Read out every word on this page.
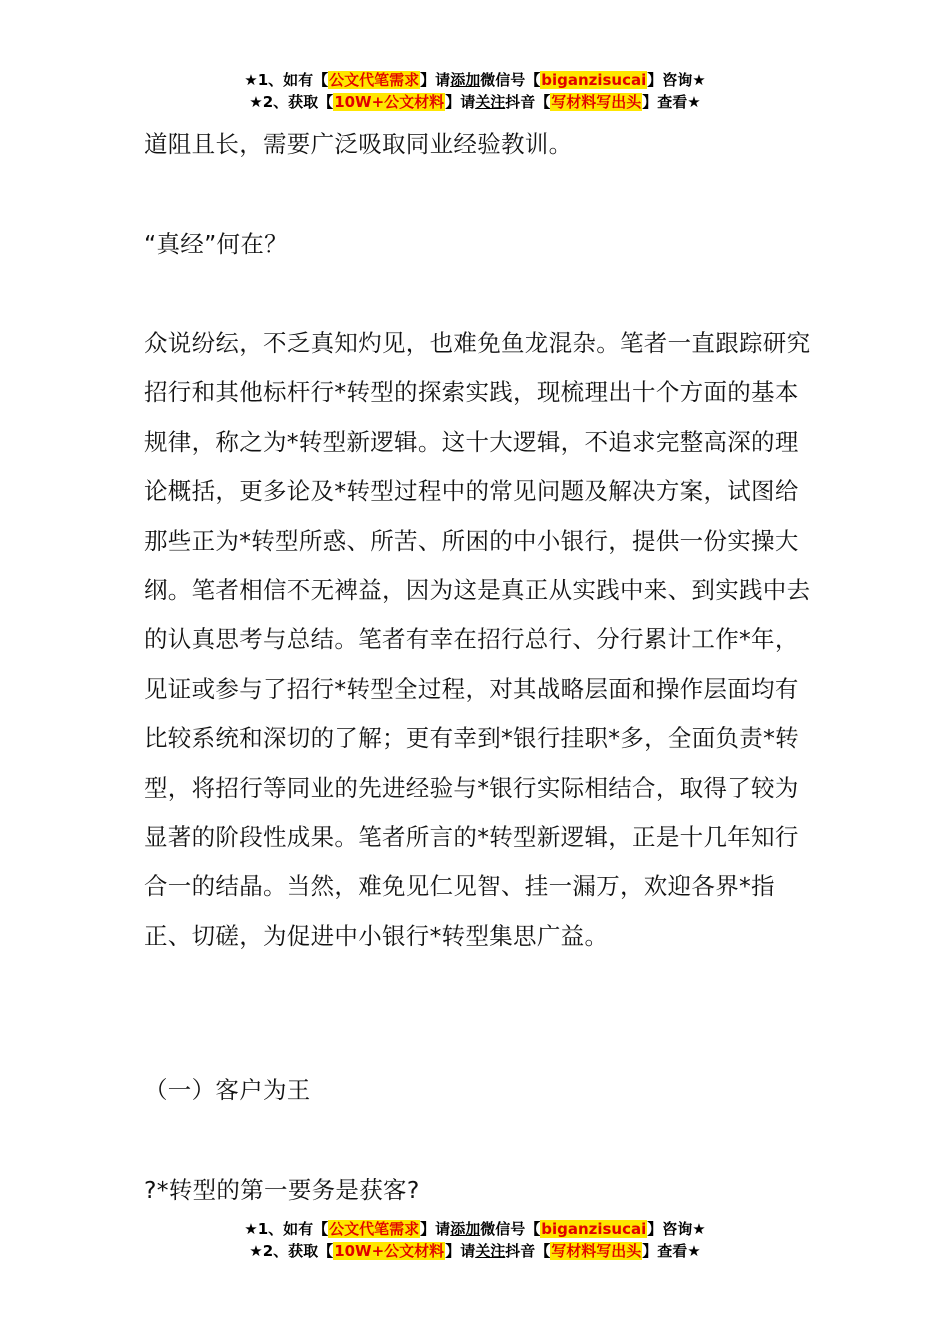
★1、如有【公文代笔需求】请添加微信号【biganzisucai】咨询★
★2、获取【10W+公文材料】请关注抖音【写材料写出头】查看★

道阻且长，需要广泛吸取同业经验教训。

“真经”何在？

众说纷纭，不乏真知灼见，也难免鱼龙混杂。笔者一直跟踪研究招行和其他标杆行*转型的探索实践，现梳理出十个方面的基本规律，称之为*转型新逻辑。这十大逻辑，不追求完整高深的理论概括，更多论及*转型过程中的常见问题及解决方案，试图给那些正为*转型所惑、所苦、所困的中小银行，提供一份实操大纲。笔者相信不无裨益，因为这是真正从实践中来、到实践中去的认真思考与总结。笔者有幸在招行总行、分行累计工作*年，见证或参与了招行*转型全过程，对其战略层面和操作层面均有比较系统和深切的了解；更有幸到*银行挂职*多，全面负责*转型，将招行等同业的先进经验与*银行实际相结合，取得了较为显著的阶段性成果。笔者所言的*转型新逻辑，正是十几年知行合一的结晶。当然，难免见仁见智、挂一漏万，欢迎各界*指正、切磋，为促进中小银行*转型集思广益。

（一）客户为王

?*转型的第一要务是获客?

★1、如有【公文代笔需求】请添加微信号【biganzisucai】咨询★
★2、获取【10W+公文材料】请关注抖音【写材料写出头】查看★
